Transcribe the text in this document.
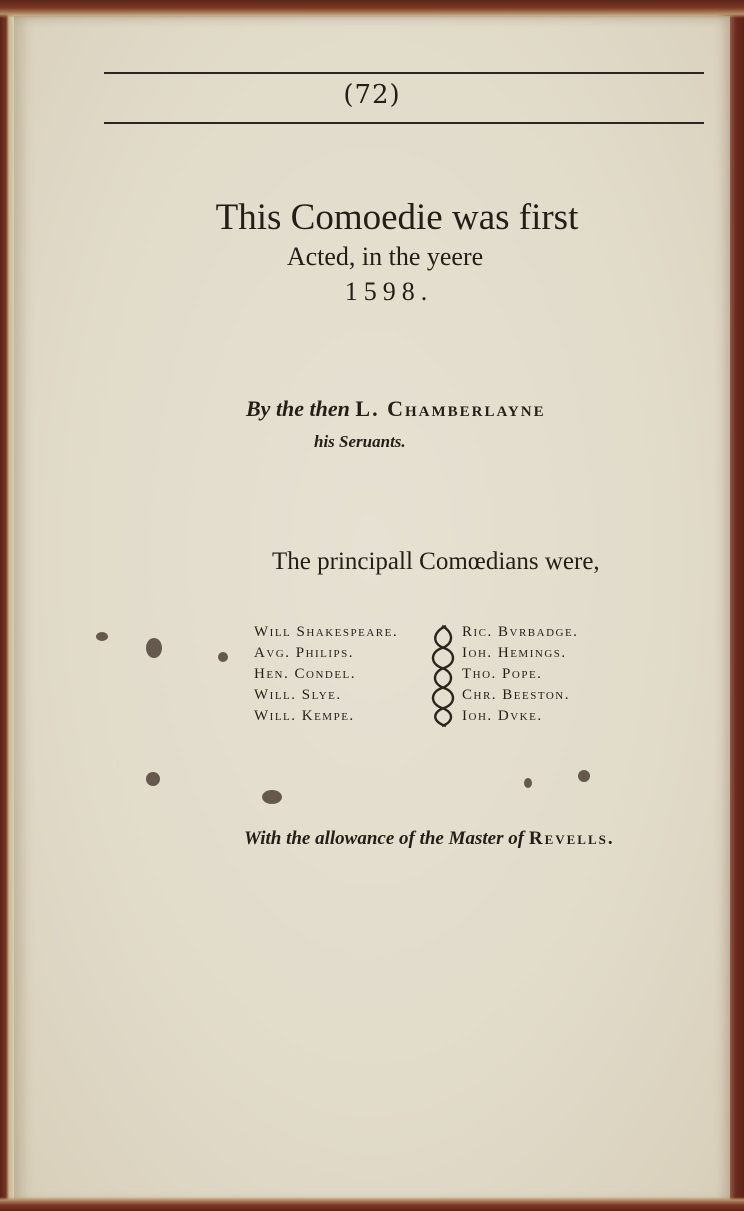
(72)
This Comoedie was first
Acted, in the yeere
1598.
By the then L. Chamberlayne
his Seruants.
The principall Comœdians were,
Will Shakespeare.
Avg. Philips.
Hen. Condel.
Will. Slye.
Will. Kempe.
Ric. Bvrbadge.
Ioh. Hemings.
Tho. Pope.
Chr. Beeston.
Ioh. Dvke.
With the allowance of the Master of Revells.
